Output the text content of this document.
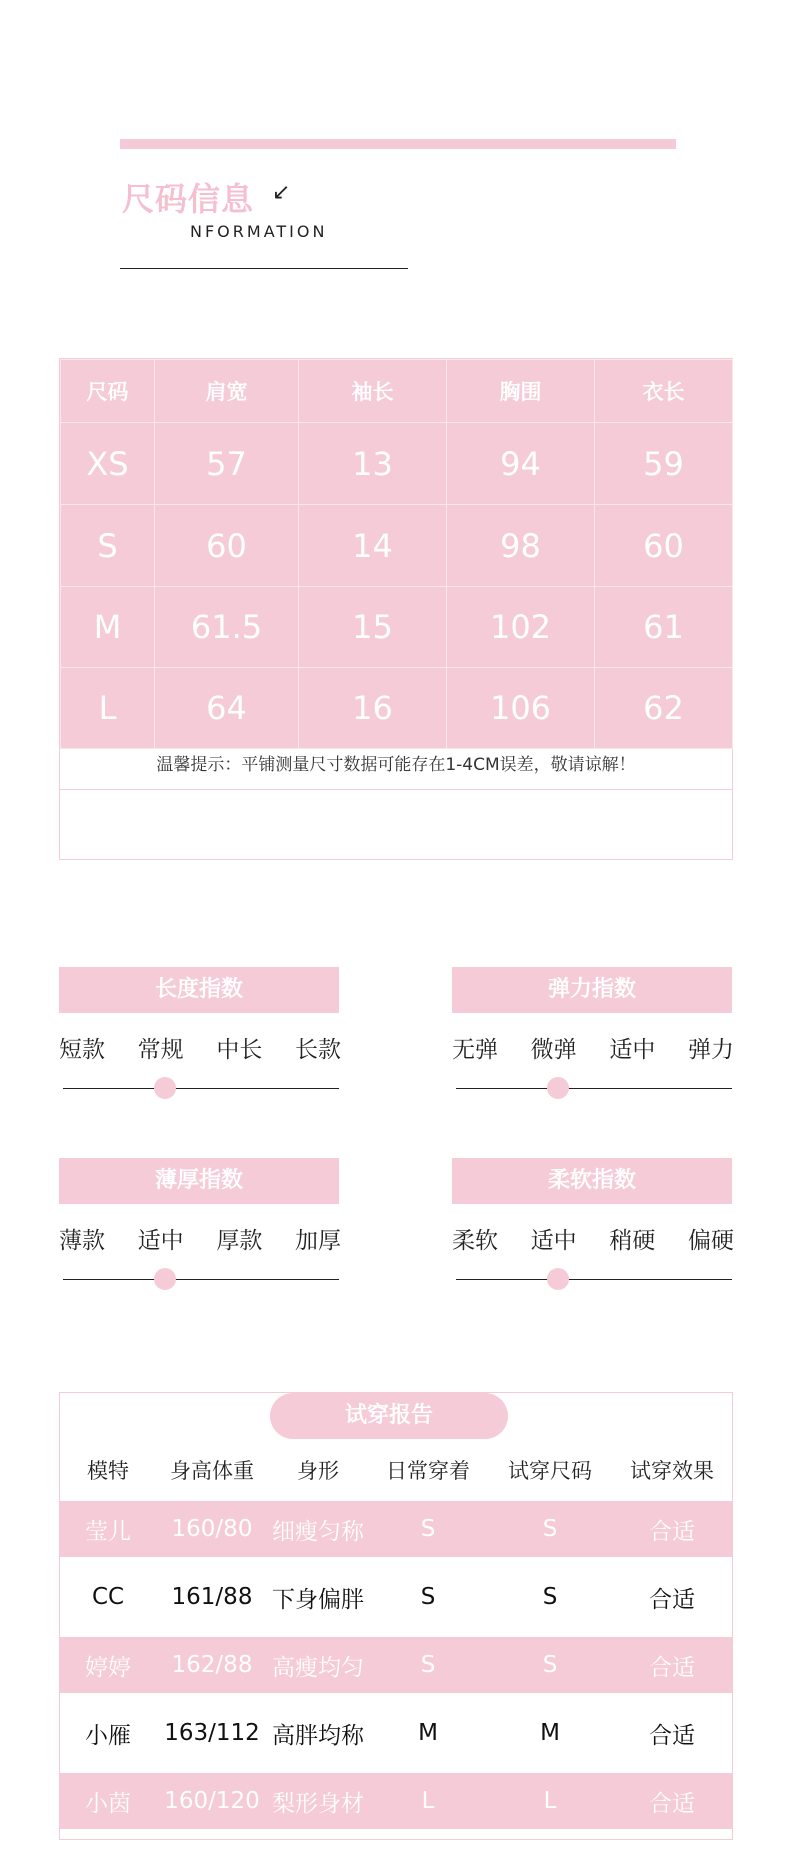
尺码信息 ↙
NFORMATION
尺码	肩宽	袖长	胸围	衣长
XS	57	13	94	59
S	60	14	98	60
M	61.5	15	102	61
L	64	16	106	62
温馨提示：平铺测量尺寸数据可能存在1-4CM误差，敬请谅解！
长度指数
短款 常规 中长 长款
弹力指数
无弹 微弹 适中 弹力
薄厚指数
薄款 适中 厚款 加厚
柔软指数
柔软 适中 稍硬 偏硬
试穿报告
模特	身高体重	身形	日常穿着	试穿尺码	试穿效果
莹儿	160/80	细瘦匀称	S	S	合适
CC	161/88	下身偏胖	S	S	合适
婷婷	162/88	高瘦均匀	S	S	合适
小雁	163/112	高胖均称	M	M	合适
小茵	160/120	梨形身材	L	L	合适
